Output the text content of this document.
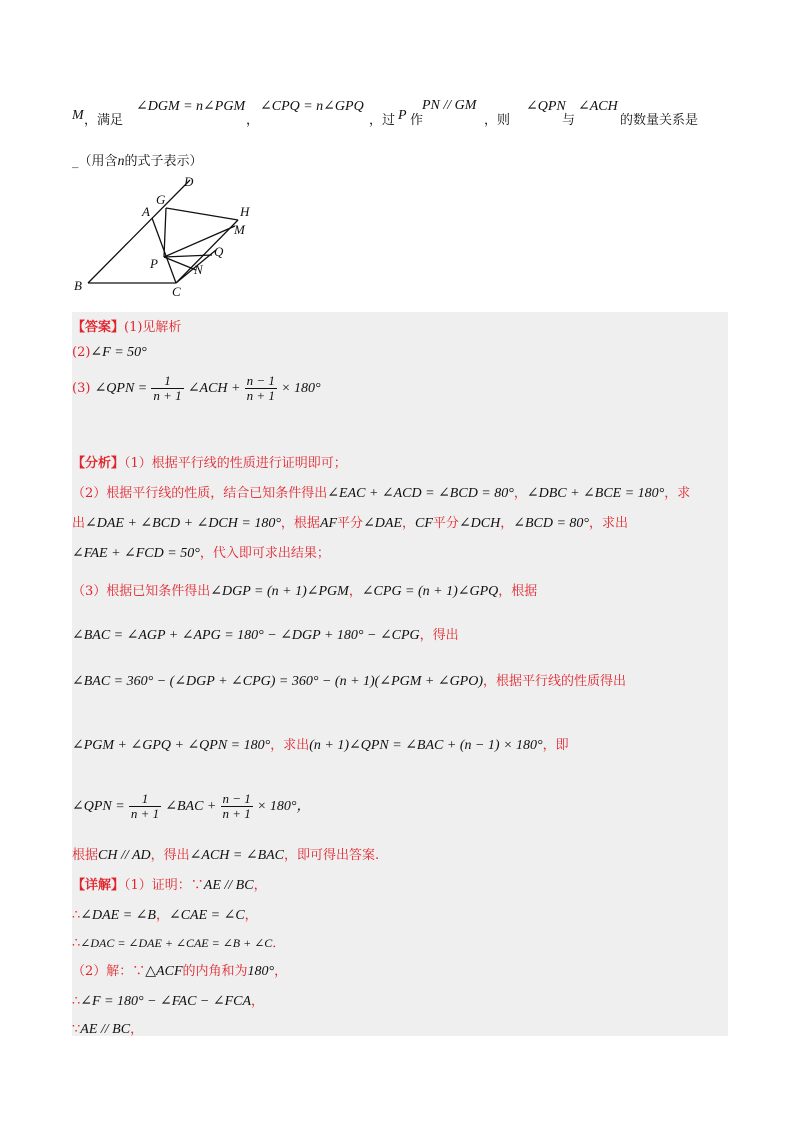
M ，满足
∠DGM = n∠PGM
，
∠CPQ = n∠GPQ
，过 P 作
PN // GM
，则
∠QPN
与
∠ACH
的数量关系是
_（用含n的式子表示）
D
G
A	H
M
Q
P	N
B	C
【答案】(1)见解析
(2)∠F = 50°
(3) ∠QPN = $\frac{1}{n + 1}$ ∠ACH + $\frac{n - 1}{n + 1} \times 180^\circ$
【分析】（1）根据平行线的性质进行证明即可；
（2）根据平行线的性质，结合已知条件得出∠EAC + ∠ACD = ∠BCD = 80°，∠DBC + ∠BCE = 180°，求
出∠DAE + ∠BCD + ∠DCH = 180°，根据AF平分∠DAE，CF平分∠DCH，∠BCD = 80°，求出
∠FAE + ∠FCD = 50°，代入即可求出结果；
（3）根据已知条件得出∠DGP = (n + 1)∠PGM，∠CPG = (n + 1)∠GPQ，根据
∠BAC = ∠AGP + ∠APG = 180° − ∠DGP + 180° − ∠CPG，得出
∠BAC = 360° − (∠DGP + ∠CPG) = 360° − (n + 1)(∠PGM + ∠GPO)，根据平行线的性质得出
∠PGM + ∠GPQ + ∠QPN = 180°，求出(n + 1)∠QPN = ∠BAC + (n − 1) × 180°，即
∠QPN = $\frac{1}{n + 1}$ ∠BAC + $\frac{n - 1}{n + 1} \times 180^\circ$，
根据CH // AD，得出∠ACH = ∠BAC，即可得出答案.
【详解】（1）证明：∵AE // BC，
∴∠DAE = ∠B，∠CAE = ∠C，
∴∠DAC = ∠DAE + ∠CAE = ∠B + ∠C．
（2）解：∵△ACF的内角和为180°，
∴∠F = 180° − ∠FAC − ∠FCA，
∵AE // BC，
